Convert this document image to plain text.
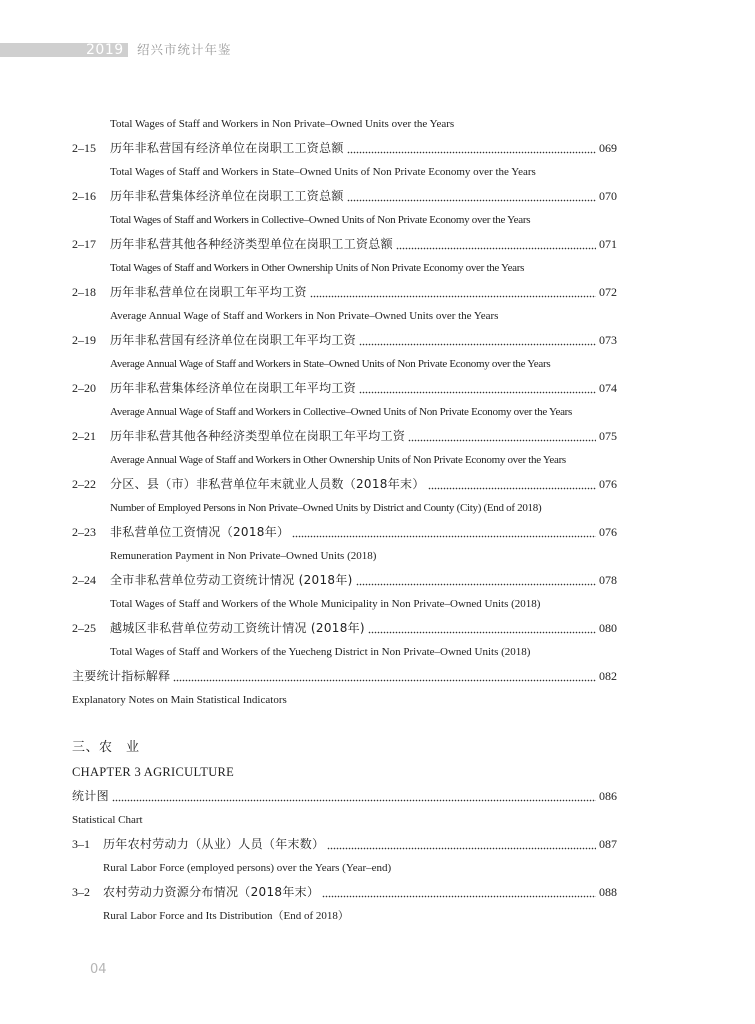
2019 绍兴市统计年鉴
Total Wages of Staff and Workers in Non Private–Owned Units over the Years
2–15 历年非私营国有经济单位在岗职工工资总额	069
Total Wages of Staff and Workers in State–Owned Units of Non Private Economy over the Years
2–16 历年非私营集体经济单位在岗职工工资总额	070
Total Wages of Staff and Workers in Collective–Owned Units of Non Private Economy over the Years
2–17 历年非私营其他各种经济类型单位在岗职工工资总额	071
Total Wages of Staff and Workers in Other Ownership Units of Non Private Economy over the Years
2–18 历年非私营单位在岗职工年平均工资	072
Average Annual Wage of Staff and Workers in Non Private–Owned Units over the Years
2–19 历年非私营国有经济单位在岗职工年平均工资	073
Average Annual Wage of Staff and Workers in State–Owned Units of Non Private Economy over the Years
2–20 历年非私营集体经济单位在岗职工年平均工资	074
Average Annual Wage of Staff and Workers in Collective–Owned Units of Non Private Economy over the Years
2–21 历年非私营其他各种经济类型单位在岗职工年平均工资	075
Average Annual Wage of Staff and Workers in Other Ownership Units of Non Private Economy over the Years
2–22 分区、县（市）非私营单位年末就业人员数（2018年末）	076
Number of Employed Persons in Non Private–Owned Units by District and County (City) (End of 2018)
2–23 非私营单位工资情况（2018年）	076
Remuneration Payment in Non Private–Owned Units (2018)
2–24 全市非私营单位劳动工资统计情况 (2018年)	078
Total Wages of Staff and Workers of the Whole Municipality in Non Private–Owned Units (2018)
2–25 越城区非私营单位劳动工资统计情况 (2018年)	080
Total Wages of Staff and Workers of the Yuecheng District in Non Private–Owned Units (2018)
主要统计指标解释	082
Explanatory Notes on Main Statistical Indicators
三、农　业
CHAPTER 3 AGRICULTURE
统计图	086
Statistical Chart
3–1 历年农村劳动力（从业）人员（年末数）	087
Rural Labor Force (employed persons) over the Years (Year–end)
3–2 农村劳动力资源分布情况（2018年末）	088
Rural Labor Force and Its Distribution（End of 2018）
04
